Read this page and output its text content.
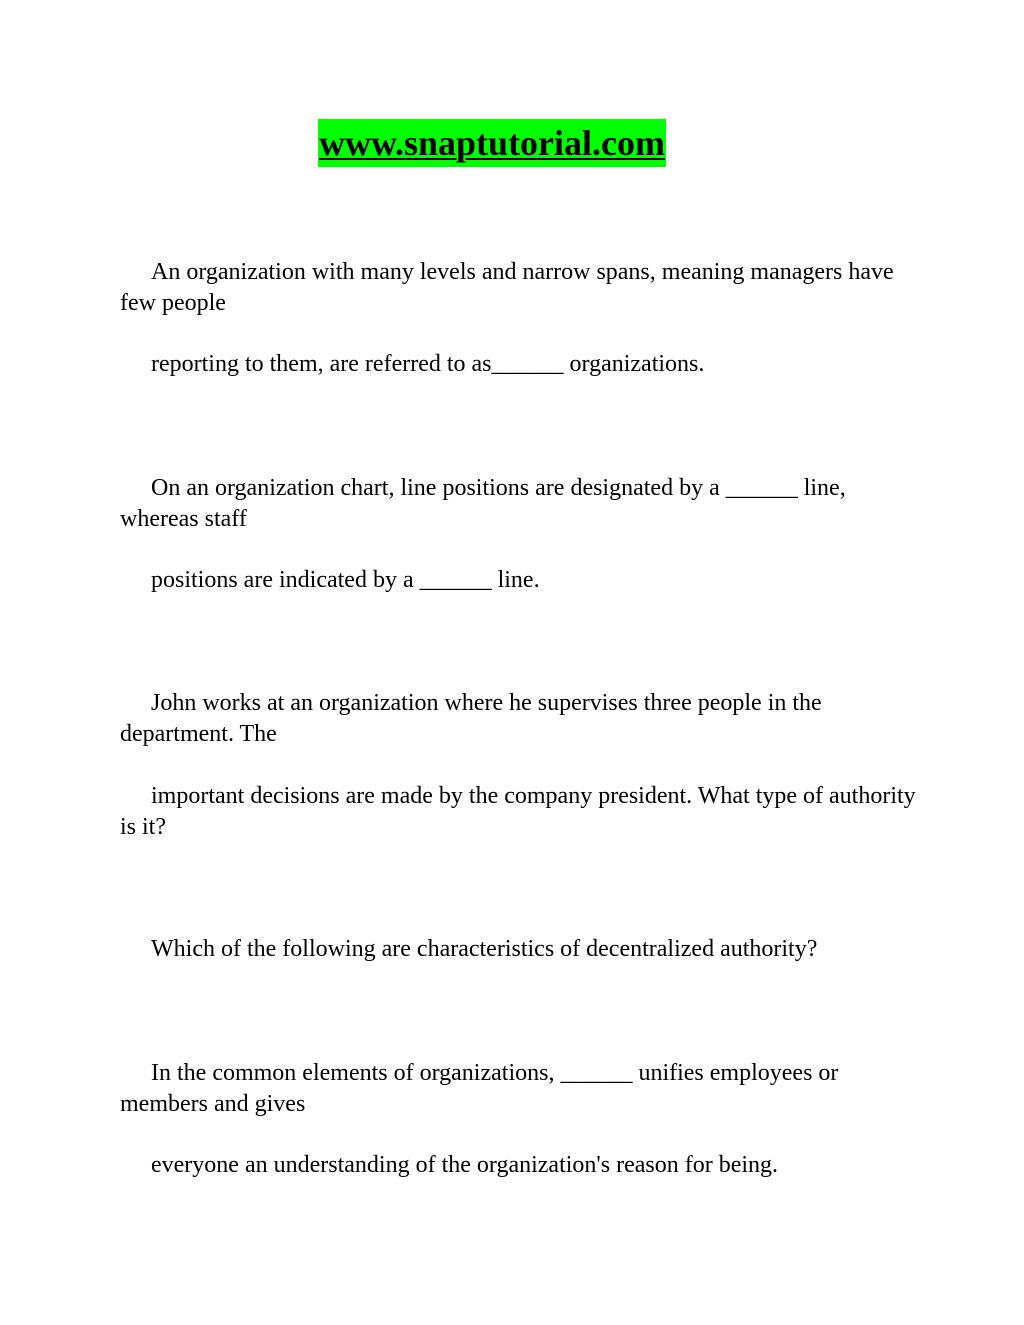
www.snaptutorial.com

An organization with many levels and narrow spans, meaning managers have few people

reporting to them, are referred to as______ organizations.

On an organization chart, line positions are designated by a ______ line, whereas staff

positions are indicated by a ______ line.

John works at an organization where he supervises three people in the department. The

important decisions are made by the company president. What type of authority is it?

Which of the following are characteristics of decentralized authority?

In the common elements of organizations, ______ unifies employees or members and gives

everyone an understanding of the organization's reason for being.
